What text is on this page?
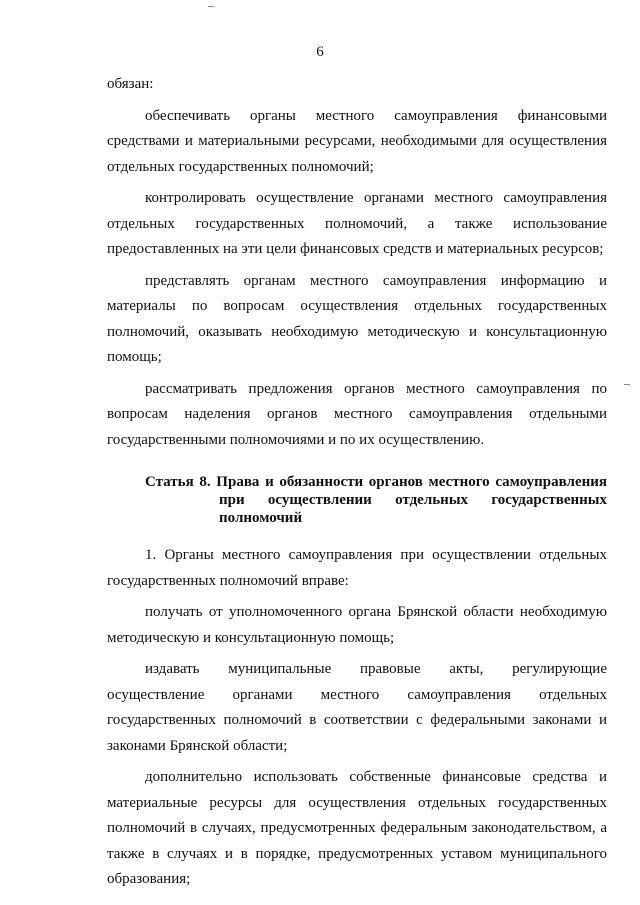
6

обязан:

обеспечивать органы местного самоуправления финансовыми средствами и материальными ресурсами, необходимыми для осуществления отдельных государственных полномочий;

контролировать осуществление органами местного самоуправления отдельных государственных полномочий, а также использование предоставленных на эти цели финансовых средств и материальных ресурсов;

представлять органам местного самоуправления информацию и материалы по вопросам осуществления отдельных государственных полномочий, оказывать необходимую методическую и консультационную помощь;

рассматривать предложения органов местного самоуправления по вопросам наделения органов местного самоуправления отдельными государственными полномочиями и по их осуществлению.

Статья 8. Права и обязанности органов местного самоуправления
при осуществлении отдельных государственных
полномочий

1. Органы местного самоуправления при осуществлении отдельных государственных полномочий вправе:

получать от уполномоченного органа Брянской области необходимую методическую и консультационную помощь;

издавать муниципальные правовые акты, регулирующие осуществление органами местного самоуправления отдельных государственных полномочий в соответствии с федеральными законами и законами Брянской области;

дополнительно использовать собственные финансовые средства и материальные ресурсы для осуществления отдельных государственных полномочий в случаях, предусмотренных федеральным законодательством, а также в случаях и в порядке, предусмотренных уставом муниципального образования;
